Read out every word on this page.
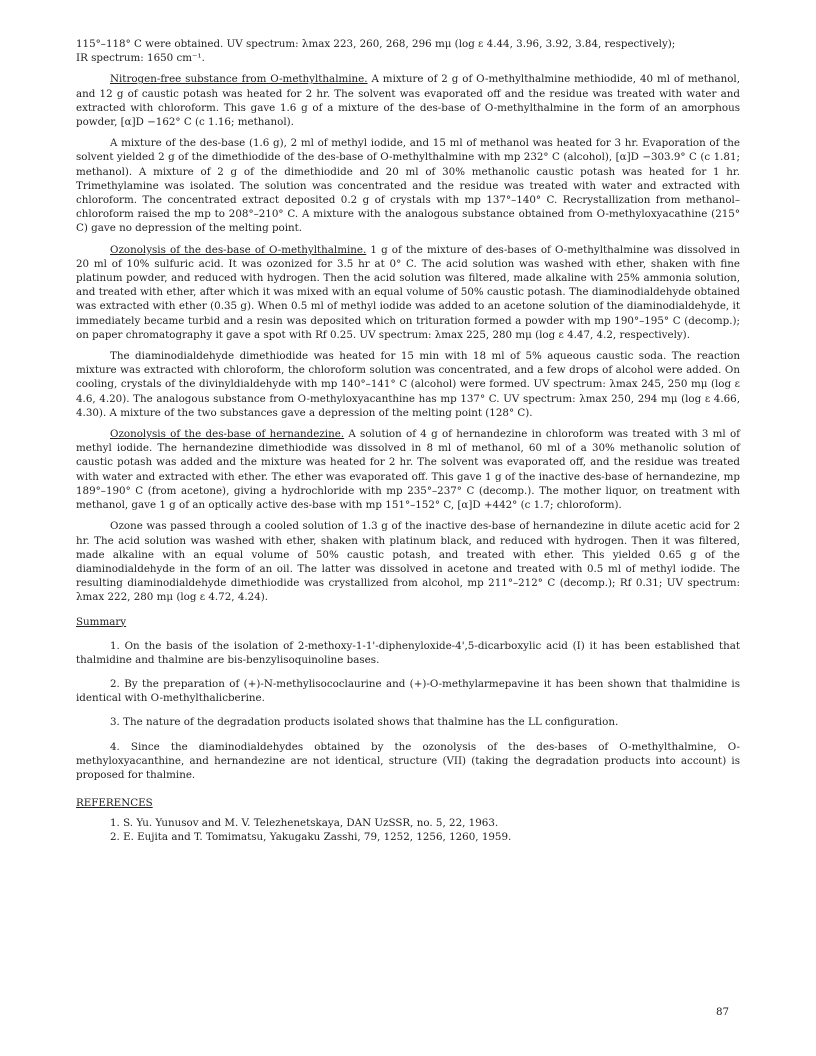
115°–118° C were obtained. UV spectrum: λmax 223, 260, 268, 296 mμ (log ε 4.44, 3.96, 3.92, 3.84, respectively);

IR spectrum: 1650 cm⁻¹.

Nitrogen-free substance from O-methylthalmine. A mixture of 2 g of O-methylthalmine methiodide, 40 ml of methanol, and 12 g of caustic potash was heated for 2 hr. The solvent was evaporated off and the residue was treated with water and extracted with chloroform. This gave 1.6 g of a mixture of the des-base of O-methylthalmine in the form of an amorphous powder, [α]D −162° C (c 1.16; methanol).

A mixture of the des-base (1.6 g), 2 ml of methyl iodide, and 15 ml of methanol was heated for 3 hr. Evaporation of the solvent yielded 2 g of the dimethiodide of the des-base of O-methylthalmine with mp 232° C (alcohol), [α]D −303.9° C (c 1.81; methanol). A mixture of 2 g of the dimethiodide and 20 ml of 30% methanolic caustic potash was heated for 1 hr. Trimethylamine was isolated. The solution was concentrated and the residue was treated with water and extracted with chloroform. The concentrated extract deposited 0.2 g of crystals with mp 137°–140° C. Recrystallization from methanol–chloroform raised the mp to 208°–210° C. A mixture with the analogous substance obtained from O-methyloxyacathine (215° C) gave no depression of the melting point.

Ozonolysis of the des-base of O-methylthalmine. 1 g of the mixture of des-bases of O-methylthalmine was dissolved in 20 ml of 10% sulfuric acid. It was ozonized for 3.5 hr at 0° C. The acid solution was washed with ether, shaken with fine platinum powder, and reduced with hydrogen. Then the acid solution was filtered, made alkaline with 25% ammonia solution, and treated with ether, after which it was mixed with an equal volume of 50% caustic potash. The diaminodialdehyde obtained was extracted with ether (0.35 g). When 0.5 ml of methyl iodide was added to an acetone solution of the diaminodialdehyde, it immediately became turbid and a resin was deposited which on trituration formed a powder with mp 190°–195° C (decomp.); on paper chromatography it gave a spot with Rf 0.25. UV spectrum: λmax 225, 280 mμ (log ε 4.47, 4.2, respectively).

The diaminodialdehyde dimethiodide was heated for 15 min with 18 ml of 5% aqueous caustic soda. The reaction mixture was extracted with chloroform, the chloroform solution was concentrated, and a few drops of alcohol were added. On cooling, crystals of the divinyldialdehyde with mp 140°–141° C (alcohol) were formed. UV spectrum: λmax 245, 250 mμ (log ε 4.6, 4.20). The analogous substance from O-methyloxyacanthine has mp 137° C. UV spectrum: λmax 250, 294 mμ (log ε 4.66, 4.30). A mixture of the two substances gave a depression of the melting point (128° C).

Ozonolysis of the des-base of hernandezine. A solution of 4 g of hernandezine in chloroform was treated with 3 ml of methyl iodide. The hernandezine dimethiodide was dissolved in 8 ml of methanol, 60 ml of a 30% methanolic solution of caustic potash was added and the mixture was heated for 2 hr. The solvent was evaporated off, and the residue was treated with water and extracted with ether. The ether was evaporated off. This gave 1 g of the inactive des-base of hernandezine, mp 189°–190° C (from acetone), giving a hydrochloride with mp 235°–237° C (decomp.). The mother liquor, on treatment with methanol, gave 1 g of an optically active des-base with mp 151°–152° C, [α]D +442° (c 1.7; chloroform).

Ozone was passed through a cooled solution of 1.3 g of the inactive des-base of hernandezine in dilute acetic acid for 2 hr. The acid solution was washed with ether, shaken with platinum black, and reduced with hydrogen. Then it was filtered, made alkaline with an equal volume of 50% caustic potash, and treated with ether. This yielded 0.65 g of the diaminodialdehyde in the form of an oil. The latter was dissolved in acetone and treated with 0.5 ml of methyl iodide. The resulting diaminodialdehyde dimethiodide was crystallized from alcohol, mp 211°–212° C (decomp.); Rf 0.31; UV spectrum: λmax 222, 280 mμ (log ε 4.72, 4.24).

Summary

1. On the basis of the isolation of 2-methoxy-1-1'-diphenyloxide-4',5-dicarboxylic acid (I) it has been established that thalmidine and thalmine are bis-benzylisoquinoline bases.

2. By the preparation of (+)-N-methylisococlaurine and (+)-O-methylarmepavine it has been shown that thalmidine is identical with O-methylthalicberine.

3. The nature of the degradation products isolated shows that thalmine has the LL configuration.

4. Since the diaminodialdehydes obtained by the ozonolysis of the des-bases of O-methylthalmine, O-methyloxyacanthine, and hernandezine are not identical, structure (VII) (taking the degradation products into account) is proposed for thalmine.

REFERENCES

1. S. Yu. Yunusov and M. V. Telezhenetskaya, DAN UzSSR, no. 5, 22, 1963.
2. E. Eujita and T. Tomimatsu, Yakugaku Zasshi, 79, 1252, 1256, 1260, 1959.
87
